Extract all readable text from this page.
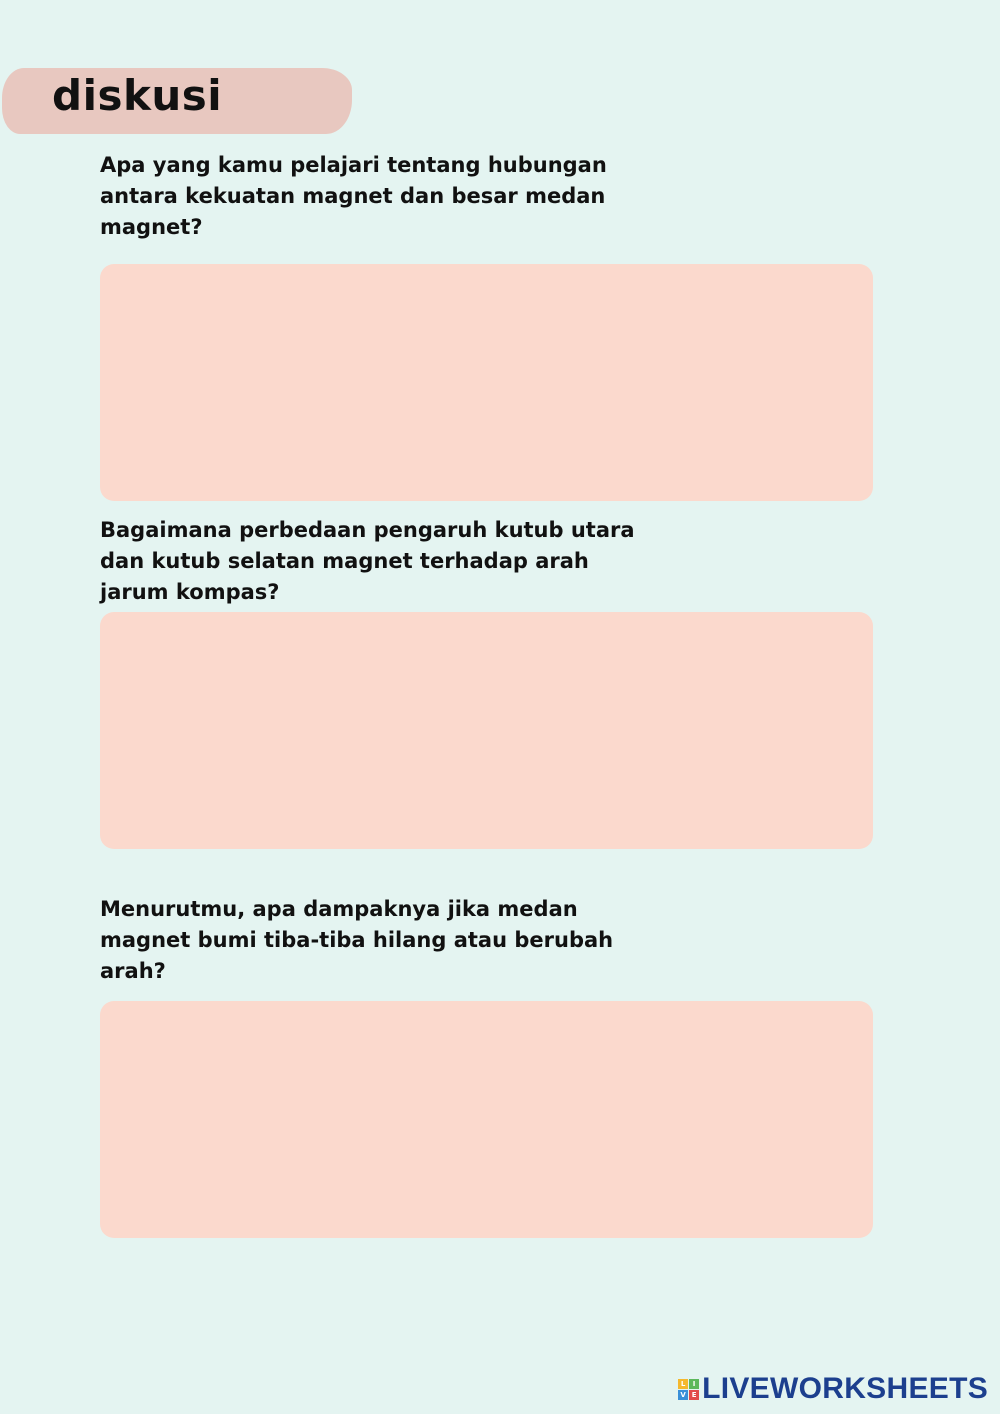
diskusi

Apa yang kamu pelajari tentang hubungan antara kekuatan magnet dan besar medan magnet?

Bagaimana perbedaan pengaruh kutub utara dan kutub selatan magnet terhadap arah jarum kompas?

Menurutmu, apa dampaknya jika medan magnet bumi tiba-tiba hilang atau berubah arah?

L	I
V E LIVEWORKSHEETS
